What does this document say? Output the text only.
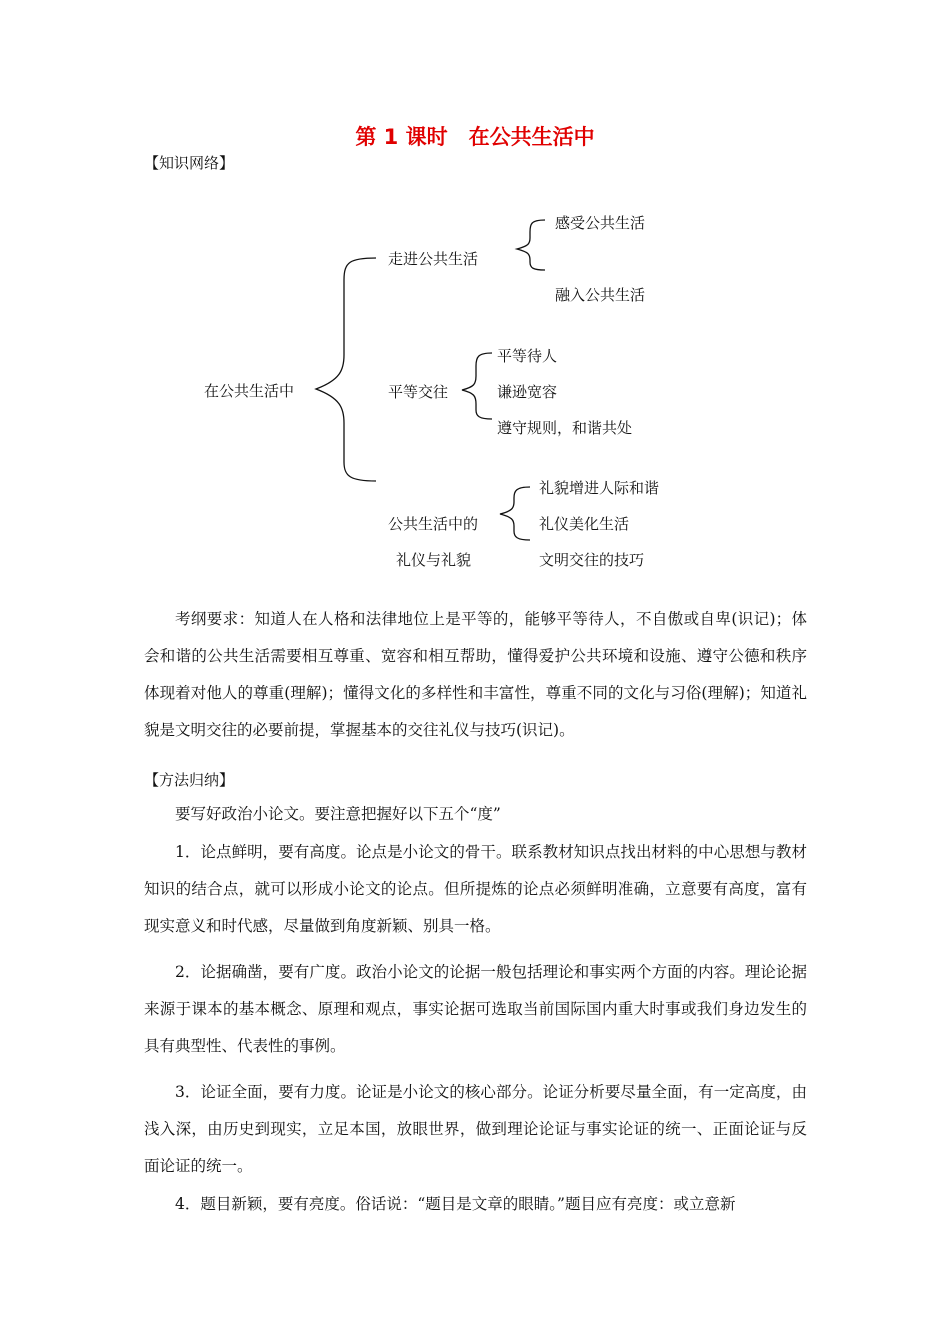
第 1 课时　在公共生活中
【知识网络】
在公共生活中
走进公共生活
感受公共生活
融入公共生活
平等交往
平等待人
谦逊宽容
遵守规则，和谐共处
公共生活中的
礼仪与礼貌
礼貌增进人际和谐
礼仪美化生活
文明交往的技巧
考纲要求：知道人在人格和法律地位上是平等的，能够平等待人，不自傲或自卑(识记)；体会和谐的公共生活需要相互尊重、宽容和相互帮助，懂得爱护公共环境和设施、遵守公德和秩序体现着对他人的尊重(理解)；懂得文化的多样性和丰富性，尊重不同的文化与习俗(理解)；知道礼貌是文明交往的必要前提，掌握基本的交往礼仪与技巧(识记)。
【方法归纳】
要写好政治小论文。要注意把握好以下五个“度”
1．论点鲜明，要有高度。论点是小论文的骨干。联系教材知识点找出材料的中心思想与教材知识的结合点，就可以形成小论文的论点。但所提炼的论点必须鲜明准确，立意要有高度，富有现实意义和时代感，尽量做到角度新颖、别具一格。
2．论据确凿，要有广度。政治小论文的论据一般包括理论和事实两个方面的内容。理论论据来源于课本的基本概念、原理和观点，事实论据可选取当前国际国内重大时事或我们身边发生的具有典型性、代表性的事例。
3．论证全面，要有力度。论证是小论文的核心部分。论证分析要尽量全面，有一定高度，由浅入深，由历史到现实，立足本国，放眼世界，做到理论论证与事实论证的统一、正面论证与反面论证的统一。
4．题目新颖，要有亮度。俗话说：“题目是文章的眼睛。”题目应有亮度：或立意新
